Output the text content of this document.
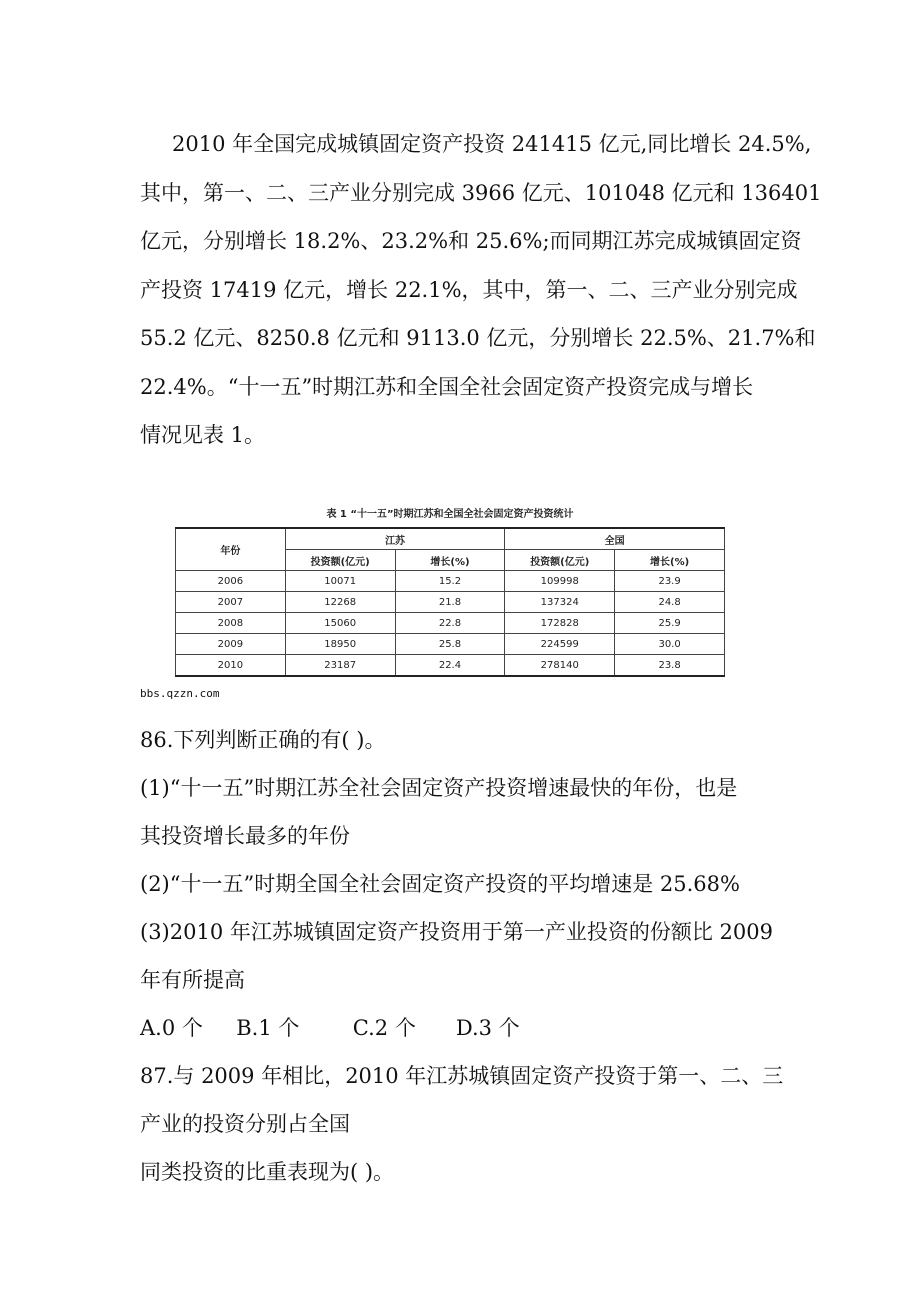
2010 年全国完成城镇固定资产投资 241415 亿元,同比增长 24.5%,
其中，第一、二、三产业分别完成 3966 亿元、101048 亿元和 136401
亿元，分别增长 18.2%、23.2%和 25.6%;而同期江苏完成城镇固定资
产投资 17419 亿元，增长 22.1%，其中，第一、二、三产业分别完成
55.2 亿元、8250.8 亿元和 9113.0 亿元，分别增长 22.5%、21.7%和
22.4%。“十一五”时期江苏和全国全社会固定资产投资完成与增长
情况见表 1。

表 1 “十一五”时期江苏和全国全社会固定资产投资统计
年份	江苏		全国	
	投资额(亿元)	增长(%)	投资额(亿元)	增长(%)
2006	10071	15.2	109998	23.9
2007	12268	21.8	137324	24.8
2008	15060	22.8	172828	25.9
2009	18950	25.8	224599	30.0
2010	23187	22.4	278140	23.8
bbs.qzzn.com

86.下列判断正确的有( )。

(1)“十一五”时期江苏全社会固定资产投资增速最快的年份，也是

其投资增长最多的年份

(2)“十一五”时期全国全社会固定资产投资的平均增速是 25.68%

(3)2010 年江苏城镇固定资产投资用于第一产业投资的份额比 2009

年有所提高

A.0 个     B.1 个        C.2 个      D.3 个

87.与 2009 年相比，2010 年江苏城镇固定资产投资于第一、二、三

产业的投资分别占全国

同类投资的比重表现为( )。
